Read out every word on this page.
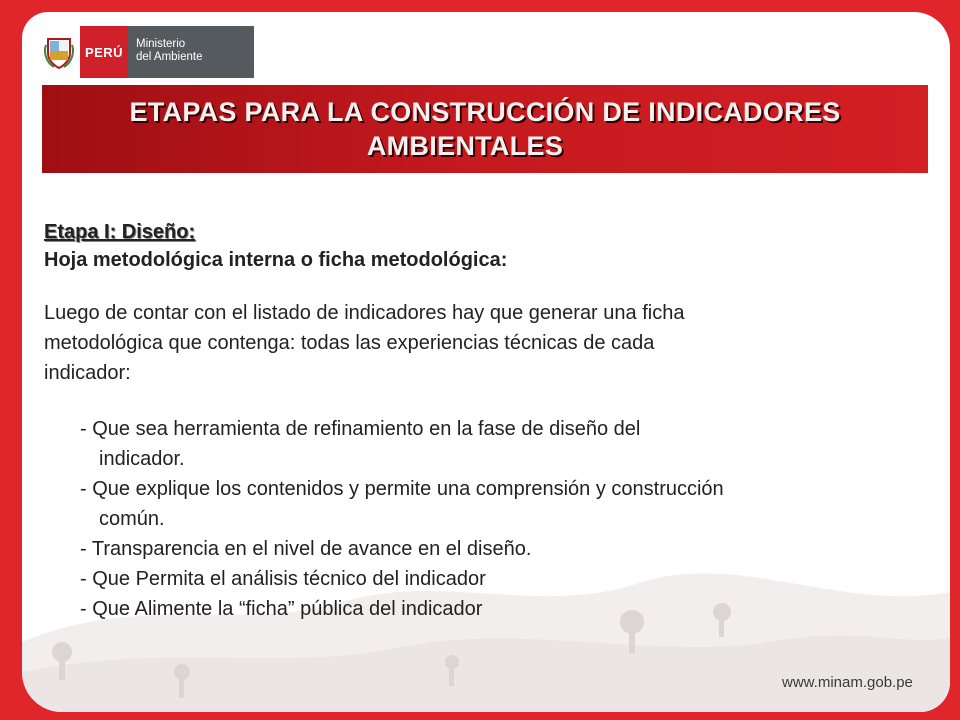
PERÚ
Ministerio
del Ambiente
ETAPAS PARA LA CONSTRUCCIÓN DE INDICADORES
AMBIENTALES
Etapa I: Diseño:
Hoja metodológica interna o ficha metodológica:
Luego de contar con el listado de indicadores hay que generar una ficha
metodológica que contenga: todas las experiencias técnicas de cada
indicador:
- Que sea herramienta de refinamiento en la fase de diseño del
indicador.
- Que explique los contenidos y permite una comprensión y construcción
común.
- Transparencia en el nivel de avance en el diseño.
- Que Permita el análisis técnico del indicador
- Que Alimente la “ficha” pública del indicador
www.minam.gob.pe
